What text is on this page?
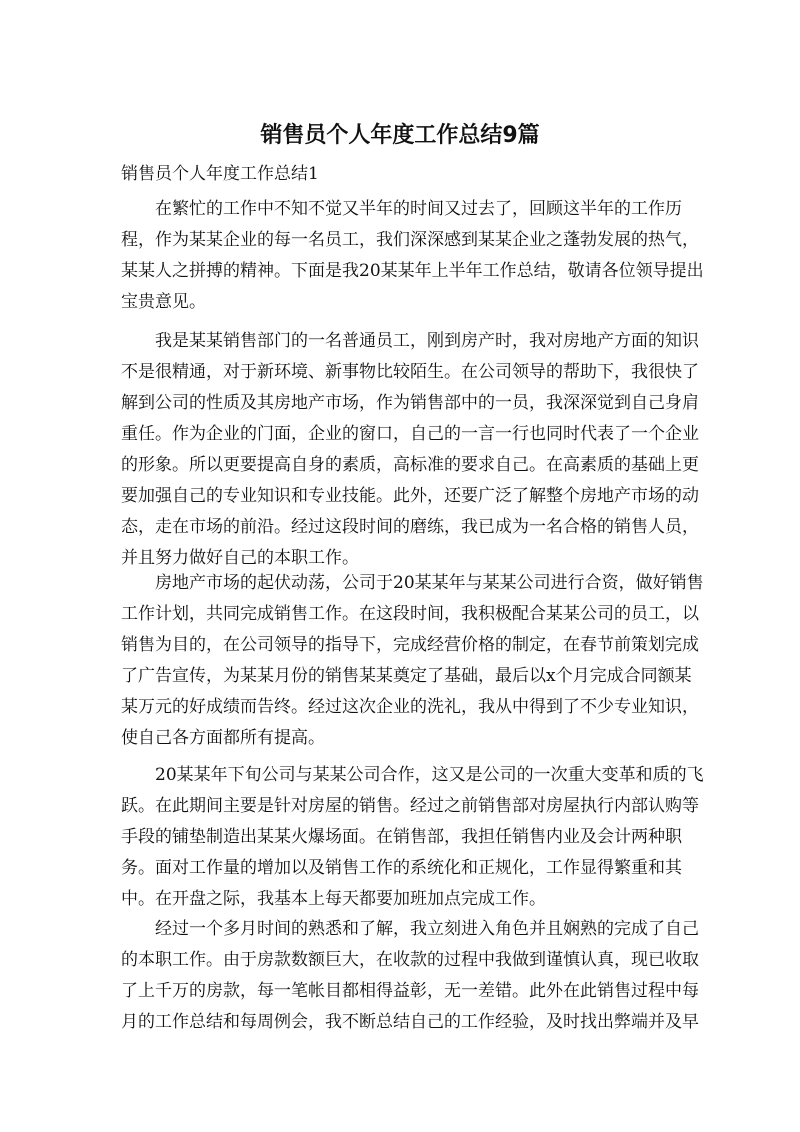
销售员个人年度工作总结9篇
销售员个人年度工作总结1
在繁忙的工作中不知不觉又半年的时间又过去了，回顾这半年的工作历
程，作为某某企业的每一名员工，我们深深感到某某企业之蓬勃发展的热气，
某某人之拼搏的精神。下面是我20某某年上半年工作总结，敬请各位领导提出
宝贵意见。
我是某某销售部门的一名普通员工，刚到房产时，我对房地产方面的知识
不是很精通，对于新环境、新事物比较陌生。在公司领导的帮助下，我很快了
解到公司的性质及其房地产市场，作为销售部中的一员，我深深觉到自己身肩
重任。作为企业的门面，企业的窗口，自己的一言一行也同时代表了一个企业
的形象。所以更要提高自身的素质，高标准的要求自己。在高素质的基础上更
要加强自己的专业知识和专业技能。此外，还要广泛了解整个房地产市场的动
态，走在市场的前沿。经过这段时间的磨练，我已成为一名合格的销售人员，
并且努力做好自己的本职工作。
房地产市场的起伏动荡，公司于20某某年与某某公司进行合资，做好销售
工作计划，共同完成销售工作。在这段时间，我积极配合某某公司的员工，以
销售为目的，在公司领导的指导下，完成经营价格的制定，在春节前策划完成
了广告宣传，为某某月份的销售某某奠定了基础，最后以x个月完成合同额某
某万元的好成绩而告终。经过这次企业的洗礼，我从中得到了不少专业知识，
使自己各方面都所有提高。
20某某年下旬公司与某某公司合作，这又是公司的一次重大变革和质的飞
跃。在此期间主要是针对房屋的销售。经过之前销售部对房屋执行内部认购等
手段的铺垫制造出某某火爆场面。在销售部，我担任销售内业及会计两种职
务。面对工作量的增加以及销售工作的系统化和正规化，工作显得繁重和其
中。在开盘之际，我基本上每天都要加班加点完成工作。
经过一个多月时间的熟悉和了解，我立刻进入角色并且娴熟的完成了自己
的本职工作。由于房款数额巨大，在收款的过程中我做到谨慎认真，现已收取
了上千万的房款，每一笔帐目都相得益彰，无一差错。此外在此销售过程中每
月的工作总结和每周例会，我不断总结自己的工作经验，及时找出弊端并及早
